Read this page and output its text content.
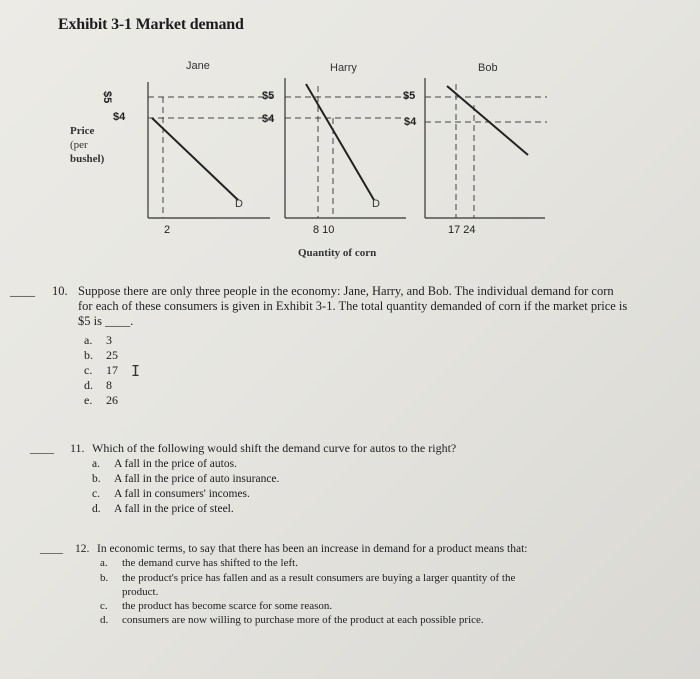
Exhibit 3-1 Market demand
Jane	Harry	Bob
$5
$4
$5
$4
$5
$4
Price
(per
bushel)
D	D
2	8 10	17 24
Quantity of corn
____ 10. Suppose there are only three people in the economy: Jane, Harry, and Bob. The individual demand for corn
for each of these consumers is given in Exhibit 3-1. The total quantity demanded of corn if the market price is
$5 is ____.
a. 3
b. 25
c. 17
d. 8
e. 26
I
____ 11. Which of the following would shift the demand curve for autos to the right?
a. A fall in the price of autos.
b. A fall in the price of auto insurance.
c. A fall in consumers' incomes.
d. A fall in the price of steel.
____ 12. In economic terms, to say that there has been an increase in demand for a product means that:
a. the demand curve has shifted to the left.
b. the product's price has fallen and as a result consumers are buying a larger quantity of the
product.
c. the product has become scarce for some reason.
d. consumers are now willing to purchase more of the product at each possible price.
